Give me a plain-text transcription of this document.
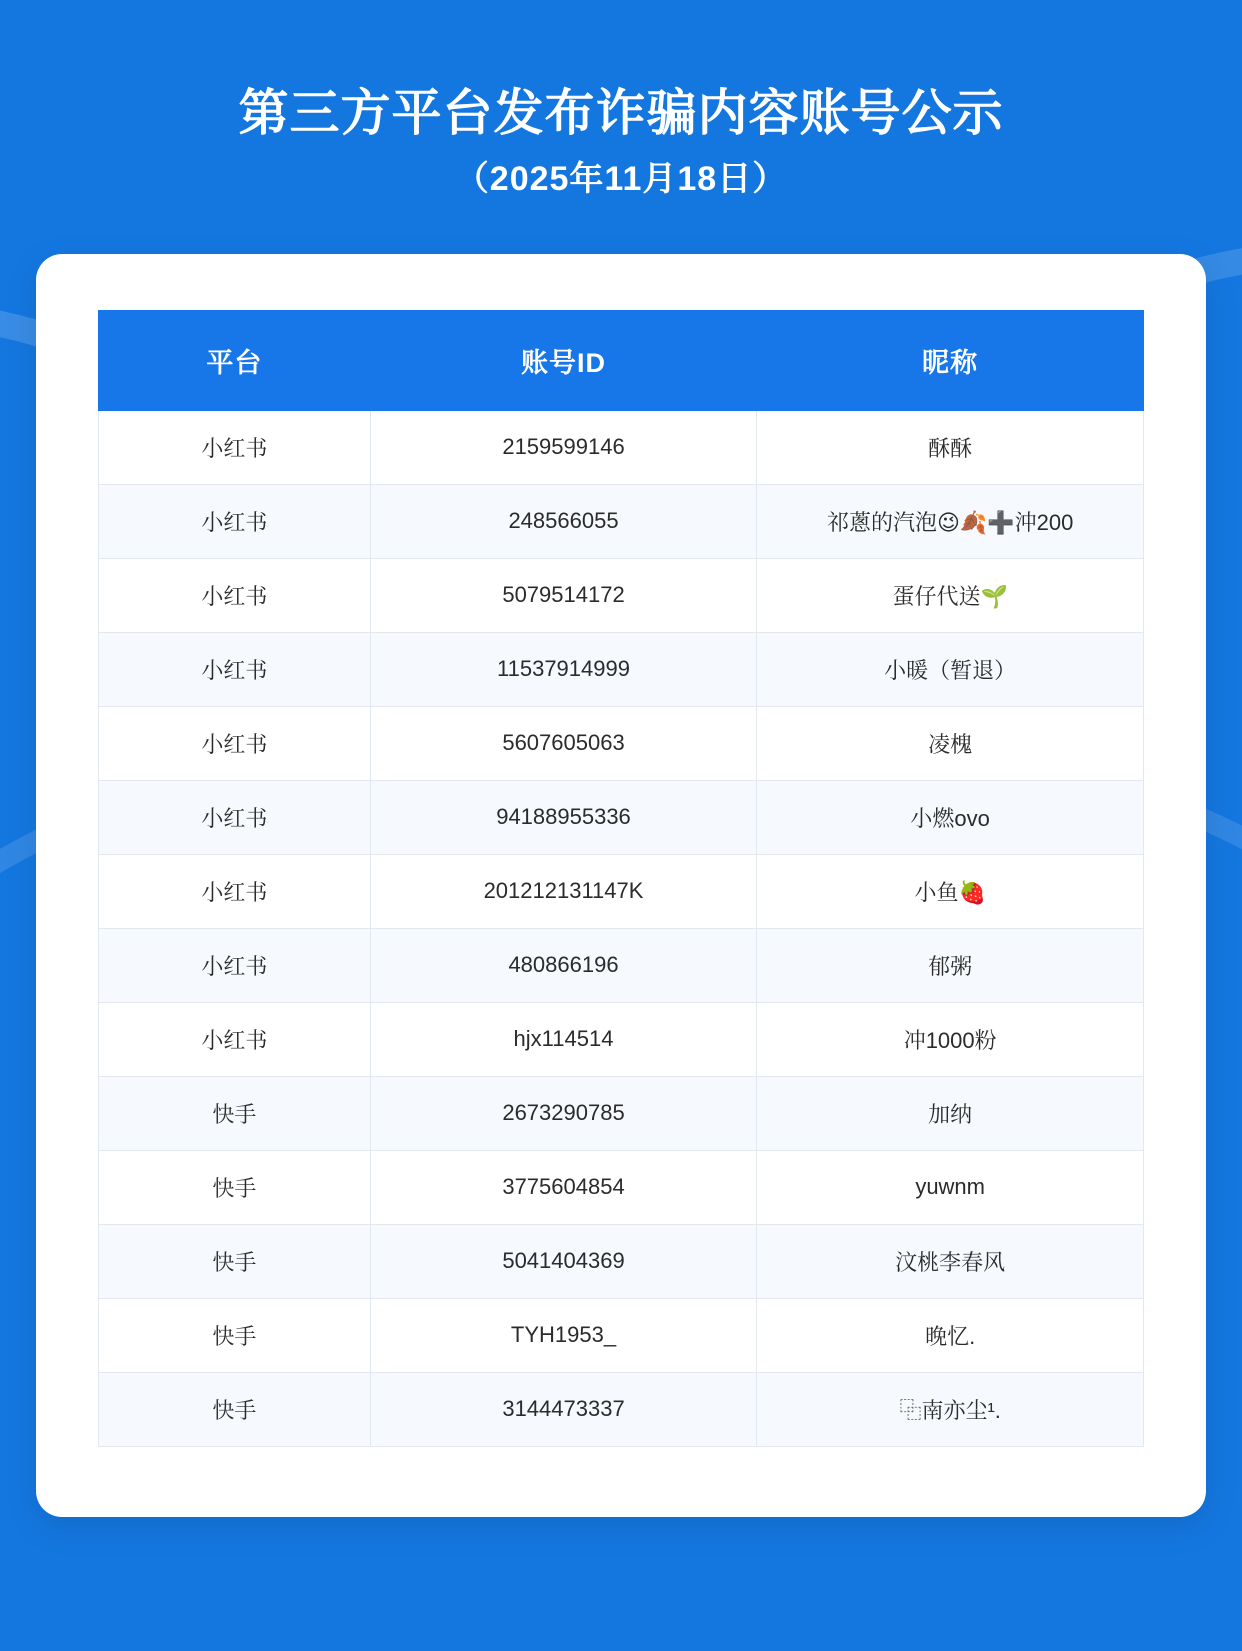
第三方平台发布诈骗内容账号公示
（2025年11月18日）
平台	账号ID	昵称
小红书	2159599146	酥酥
小红书	248566055	祁蔥的汽泡😉🍂➕沖200
小红书	5079514172	蛋仔代送🌱
小红书	11537914999	小暖（暂退）
小红书	5607605063	凌槐
小红书	94188955336	小燃ovo
小红书	201212131147K	小鱼🍓
小红书	480866196	郁粥
小红书	hjx114514	冲1000粉
快手	2673290785	加纳
快手	3775604854	yuwnm
快手	5041404369	汶桃李春风
快手	TYH1953_	晚忆.
快手	3144473337	⿻南亦尘¹.
